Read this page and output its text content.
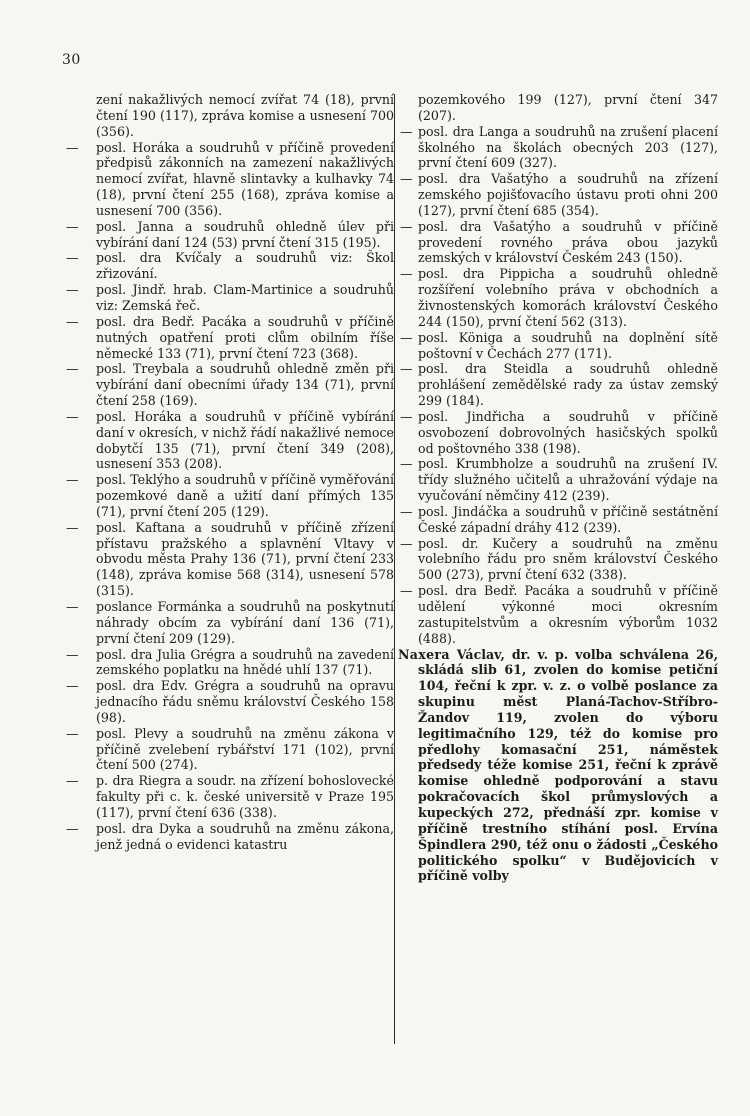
30

zení nakažlivých nemocí zvířat 74 (18), první čtení 190 (117), zpráva komise a usnesení 700 (356).

—	posl. Horáka a soudruhů v příčině provedení předpisů zákonních na zamezení nakažlivých nemocí zvířat, hlavně slintavky a kulhavky 74 (18), první čtení 255 (168), zpráva komise a usnesení 700 (356).

—	posl. Janna a soudruhů ohledně úlev při vybírání daní 124 (53) první čtení 315 (195).

—	posl. dra Kvíčaly a soudruhů viz: Škol zřizování.

—	posl. Jindř. hrab. Clam-Martinice a soudruhů viz: Zemská řeč.

—	posl. dra Bedř. Pacáka a soudruhů v příčině nutných opatření proti clům obilním říše německé 133 (71), první čtení 723 (368).

—	posl. Treybala a soudruhů ohledně změn při vybírání daní obecními úřady 134 (71), první čtení 258 (169).

—	posl. Horáka a soudruhů v příčině vybírání daní v okresích, v nichž řádí nakažlivé nemoce dobytčí 135 (71), první čtení 349 (208), usnesení 353 (208).

—	posl. Teklýho a soudruhů v příčině vyměřování pozemkové daně a užití daní přímých 135 (71), první čtení 205 (129).

—	posl. Kaftana a soudruhů v příčině zřízení přístavu pražského a splavnění Vltavy v obvodu města Prahy 136 (71), první čtení 233 (148), zpráva komise 568 (314), usnesení 578 (315).

—	poslance Formánka a soudruhů na poskytnutí náhrady obcím za vybírání daní 136 (71), první čtení 209 (129).

—	posl. dra Julia Grégra a soudruhů na zavedení zemského poplatku na hnědé uhlí 137 (71).

—	posl. dra Edv. Grégra a soudruhů na opravu jednacího řádu sněmu království Českého 158 (98).

—	posl. Plevy a soudruhů na změnu zákona v příčině zvelebení rybářství 171 (102), první čtení 500 (274).

—	p. dra Riegra a soudr. na zřízení bohoslovecké fakulty při c. k. české universitě v Praze 195 (117), první čtení 636 (338).

—	posl. dra Dyka a soudruhů na změnu zákona, jenž jedná o evidenci katastru

pozemkového 199 (127), první čtení 347 (207).

— posl. dra Langa a soudruhů na zrušení placení školného na školách obecných 203 (127), první čtení 609 (327).

— posl. dra Vašatýho a soudruhů na zřízení zemského pojišťovacího ústavu proti ohni 200 (127), první čtení 685 (354).

— posl. dra Vašatýho a soudruhů v příčině provedení rovného práva obou jazyků zemských v království Českém 243 (150).

— posl. dra Pippicha a soudruhů ohledně rozšíření volebního práva v obchodních a živnostenských komorách království Českého 244 (150), první čtení 562 (313).

— posl. Königa a soudruhů na doplnění sítě poštovní v Čechách 277 (171).

— posl. dra Steidla a soudruhů ohledně prohlášení zemědělské rady za ústav zemský 299 (184).

— posl. Jindřicha a soudruhů v příčině osvobození dobrovolných hasičských spolků od poštovného 338 (198).

— posl. Krumbholze a soudruhů na zrušení IV. třídy služného učitelů a uhražování výdaje na vyučování němčiny 412 (239).

— posl. Jindáčka a soudruhů v příčině sestátnění České západní dráhy 412 (239).

— posl. dr. Kučery a soudruhů na změnu volebního řádu pro sněm království Českého 500 (273), první čtení 632 (338).

— posl. dra Bedř. Pacáka a soudruhů v příčině udělení výkonné moci okresním zastupitelstvům a okresním výborům 1032 (488).

Naxera Václav, dr. v. p. volba schválena 26, skládá slib 61, zvolen do komise petiční 104, řeční k zpr. v. z. o volbě poslance za skupinu měst Planá-Tachov-Stříbro-Žandov 119, zvolen do výboru legitimačního 129, též do komise pro předlohy komasační 251, náměstek předsedy téže komise 251, řeční k zprávě komise ohledně podporování a stavu pokračovacích škol průmyslových a kupeckých 272, přednáší zpr. komise v příčině trestního stíhání posl. Ervína Špindlera 290, též onu o žádosti „Českého politického spolku“ v Budějovicích v příčině volby
